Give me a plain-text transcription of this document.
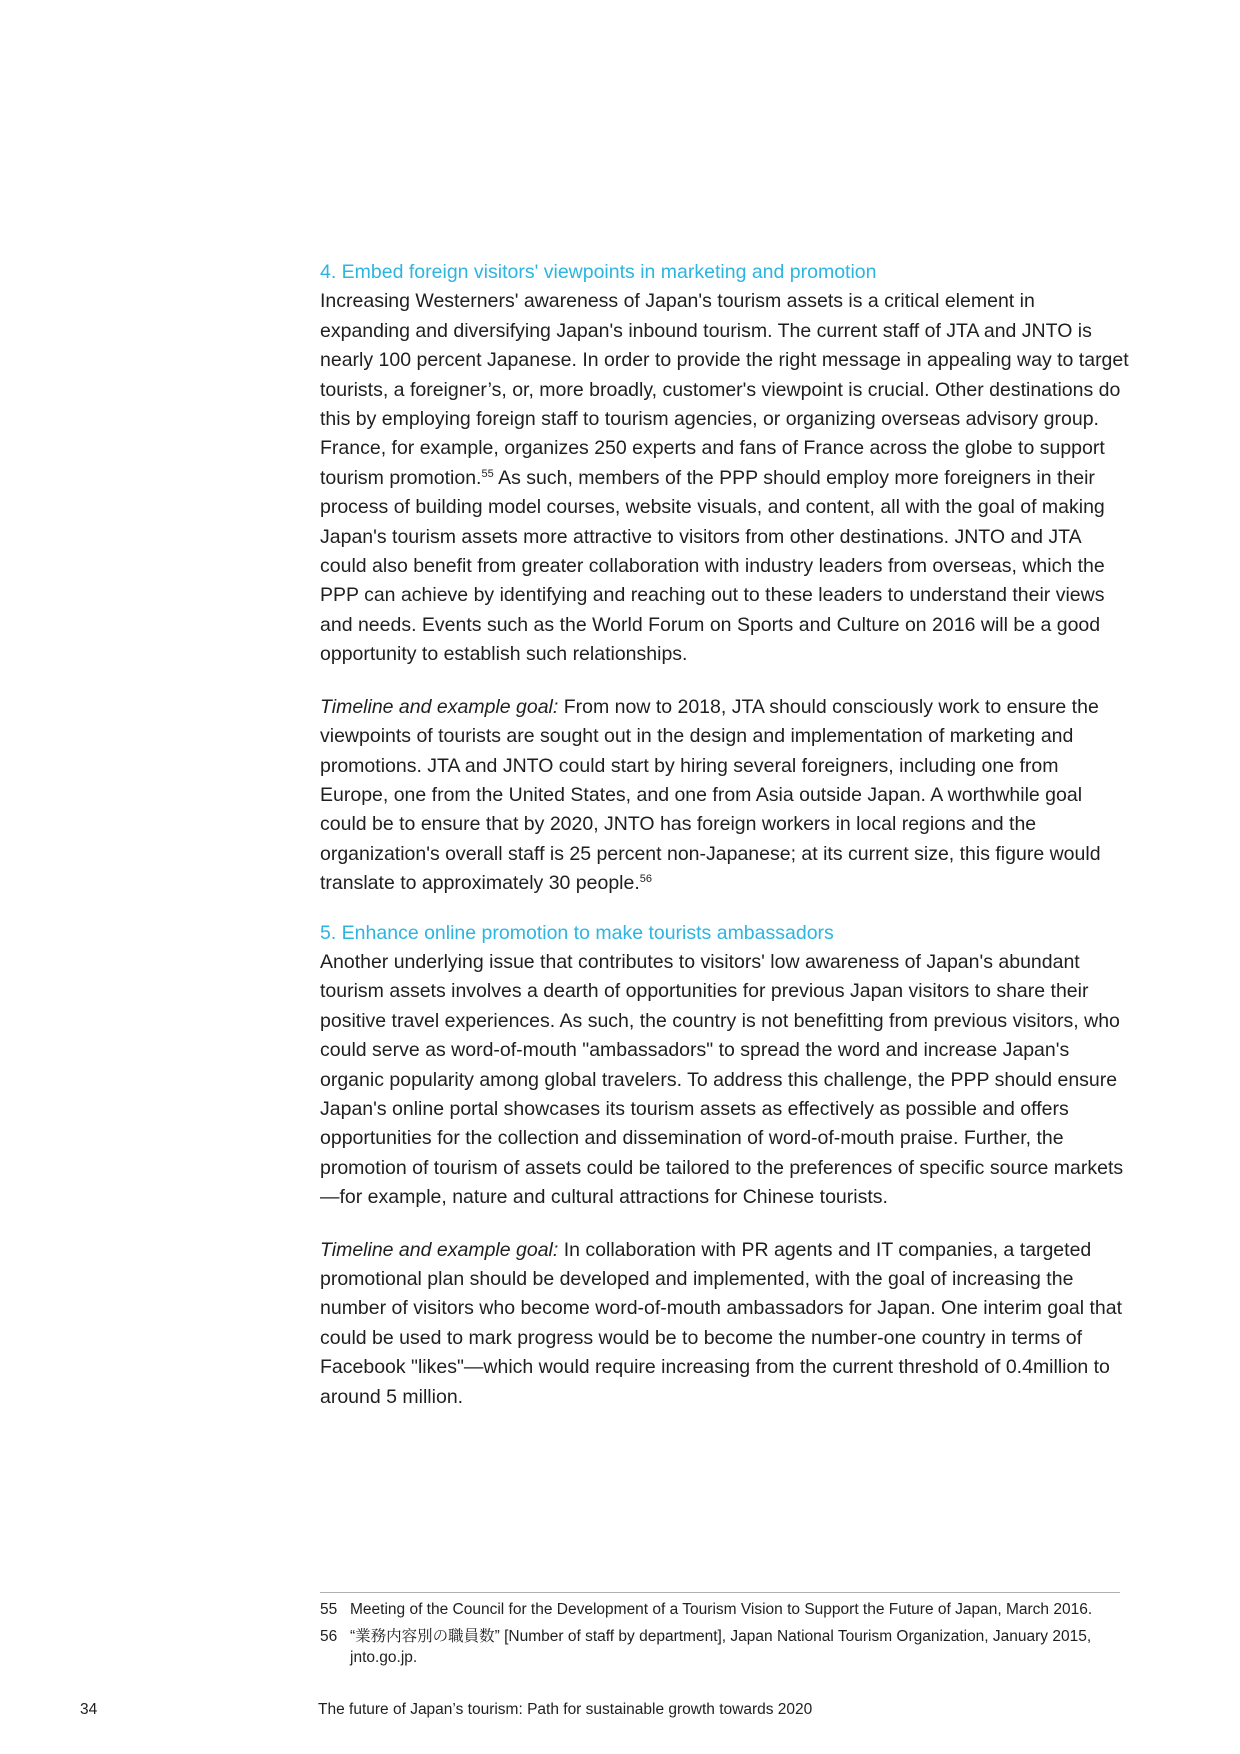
4. Embed foreign visitors' viewpoints in marketing and promotion

Increasing Westerners' awareness of Japan's tourism assets is a critical element in expanding and diversifying Japan's inbound tourism. The current staff of JTA and JNTO is nearly 100 percent Japanese. In order to provide the right message in appealing way to target tourists, a foreigner’s, or, more broadly, customer's viewpoint is crucial. Other destinations do this by employing foreign staff to tourism agencies, or organizing overseas advisory group. France, for example, organizes 250 experts and fans of France across the globe to support tourism promotion.$^{55}$ As such, members of the PPP should employ more foreigners in their process of building model courses, website visuals, and content, all with the goal of making Japan's tourism assets more attractive to visitors from other destinations. JNTO and JTA could also benefit from greater collaboration with industry leaders from overseas, which the PPP can achieve by identifying and reaching out to these leaders to understand their views and needs. Events such as the World Forum on Sports and Culture on 2016 will be a good opportunity to establish such relationships.

Timeline and example goal: From now to 2018, JTA should consciously work to ensure the viewpoints of tourists are sought out in the design and implementation of marketing and promotions. JTA and JNTO could start by hiring several foreigners, including one from Europe, one from the United States, and one from Asia outside Japan. A worthwhile goal could be to ensure that by 2020, JNTO has foreign workers in local regions and the organization's overall staff is 25 percent non-Japanese; at its current size, this figure would translate to approximately 30 people.$^{56}$

5. Enhance online promotion to make tourists ambassadors

Another underlying issue that contributes to visitors' low awareness of Japan's abundant tourism assets involves a dearth of opportunities for previous Japan visitors to share their positive travel experiences. As such, the country is not benefitting from previous visitors, who could serve as word-of-mouth "ambassadors" to spread the word and increase Japan's organic popularity among global travelers. To address this challenge, the PPP should ensure Japan's online portal showcases its tourism assets as effectively as possible and offers opportunities for the collection and dissemination of word-of-mouth praise. Further, the promotion of tourism of assets could be tailored to the preferences of specific source markets—for example, nature and cultural attractions for Chinese tourists.

Timeline and example goal: In collaboration with PR agents and IT companies, a targeted promotional plan should be developed and implemented, with the goal of increasing the number of visitors who become word-of-mouth ambassadors for Japan. One interim goal that could be used to mark progress would be to become the number-one country in terms of Facebook "likes"—which would require increasing from the current threshold of 0.4million to around 5 million.

55 Meeting of the Council for the Development of a Tourism Vision to Support the Future of Japan, March 2016.
56 “業務内容別の職員数” [Number of staff by department], Japan National Tourism Organization, January 2015, jnto.go.jp.
34	The future of Japan’s tourism: Path for sustainable growth towards 2020
